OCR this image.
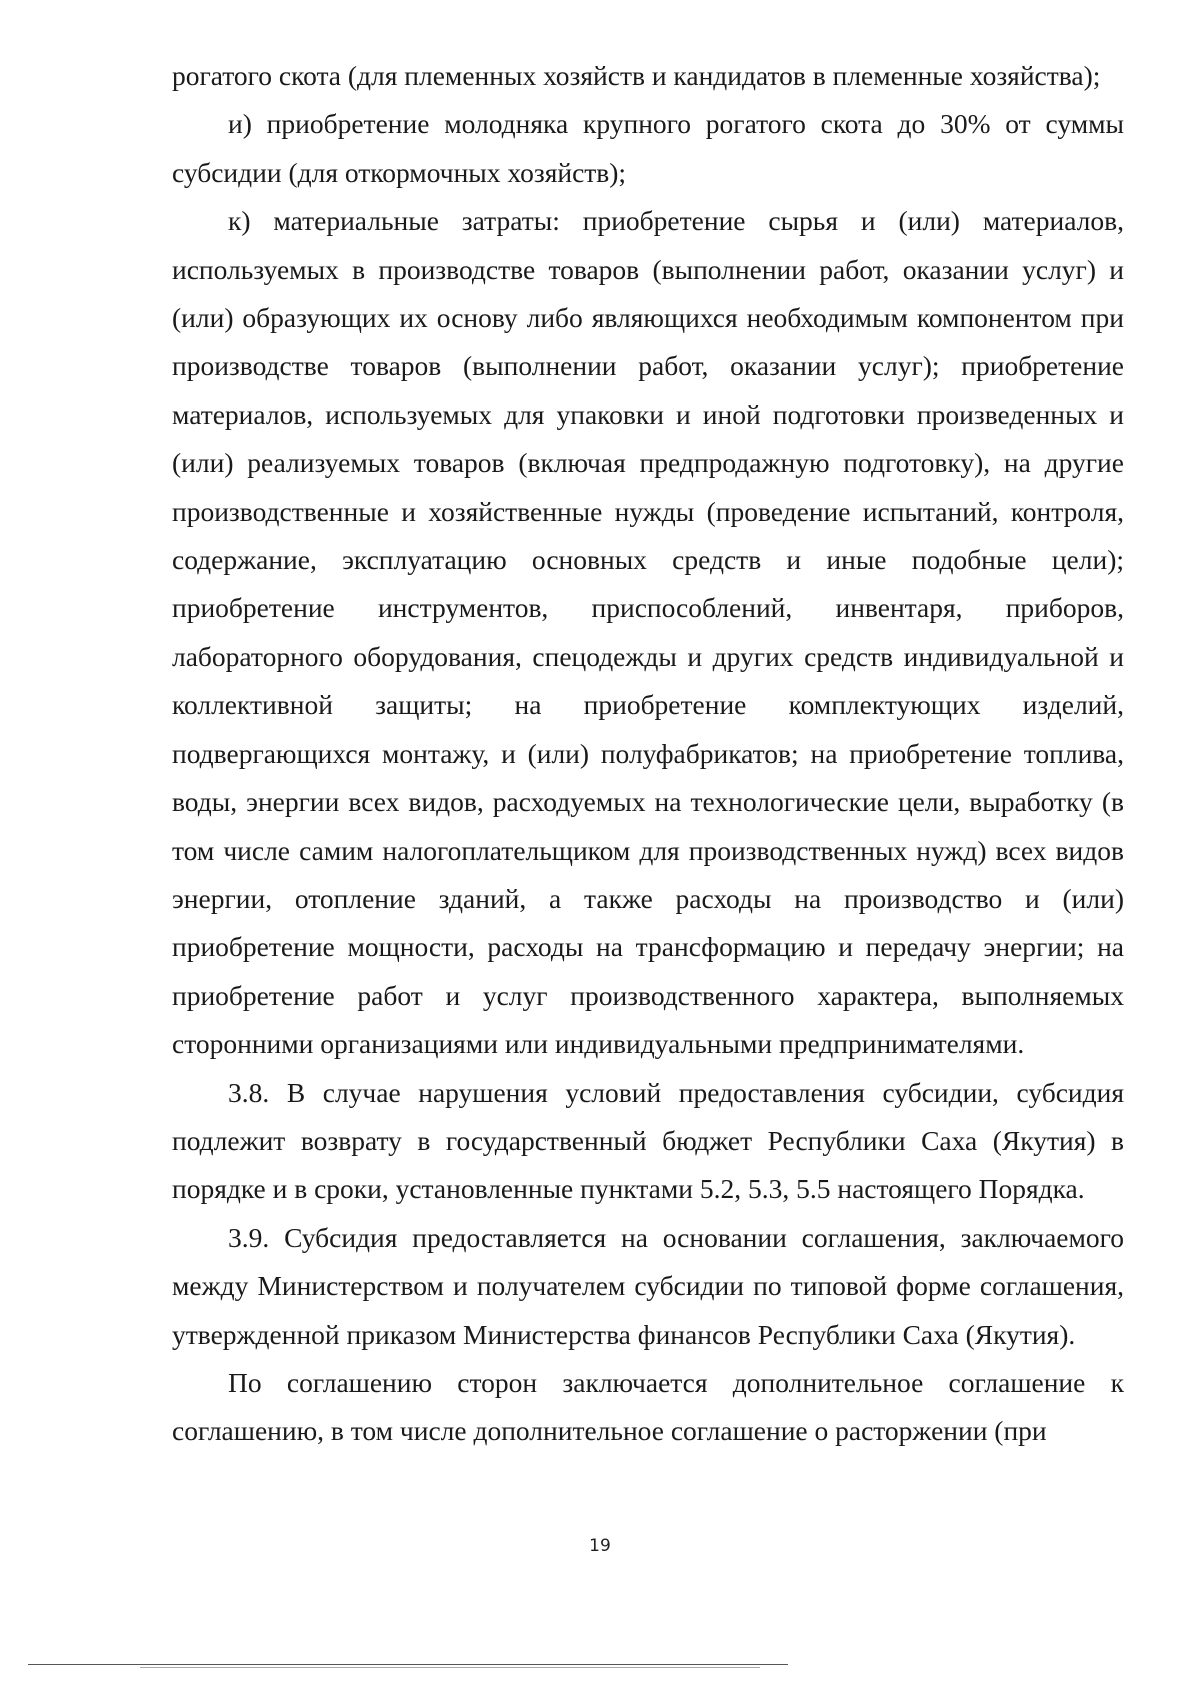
рогатого скота (для племенных хозяйств и кандидатов в племенные хозяйства);

и) приобретение молодняка крупного рогатого скота до 30% от суммы субсидии (для откормочных хозяйств);

к) материальные затраты: приобретение сырья и (или) материалов, используемых в производстве товаров (выполнении работ, оказании услуг) и (или) образующих их основу либо являющихся необходимым компонентом при производстве товаров (выполнении работ, оказании услуг); приобретение материалов, используемых для упаковки и иной подготовки произведенных и (или) реализуемых товаров (включая предпродажную подготовку), на другие производственные и хозяйственные нужды (проведение испытаний, контроля, содержание, эксплуатацию основных средств и иные подобные цели); приобретение инструментов, приспособлений, инвентаря, приборов, лабораторного оборудования, спецодежды и других средств индивидуальной и коллективной защиты; на приобретение комплектующих изделий, подвергающихся монтажу, и (или) полуфабрикатов; на приобретение топлива, воды, энергии всех видов, расходуемых на технологические цели, выработку (в том числе самим налогоплательщиком для производственных нужд) всех видов энергии, отопление зданий, а также расходы на производство и (или) приобретение мощности, расходы на трансформацию и передачу энергии; на приобретение работ и услуг производственного характера, выполняемых сторонними организациями или индивидуальными предпринимателями.

3.8. В случае нарушения условий предоставления субсидии, субсидия подлежит возврату в государственный бюджет Республики Саха (Якутия) в порядке и в сроки, установленные пунктами 5.2, 5.3, 5.5 настоящего Порядка.

3.9. Субсидия предоставляется на основании соглашения, заключаемого между Министерством и получателем субсидии по типовой форме соглашения, утвержденной приказом Министерства финансов Республики Саха (Якутия).

По соглашению сторон заключается дополнительное соглашение к соглашению, в том числе дополнительное соглашение о расторжении (при

19
